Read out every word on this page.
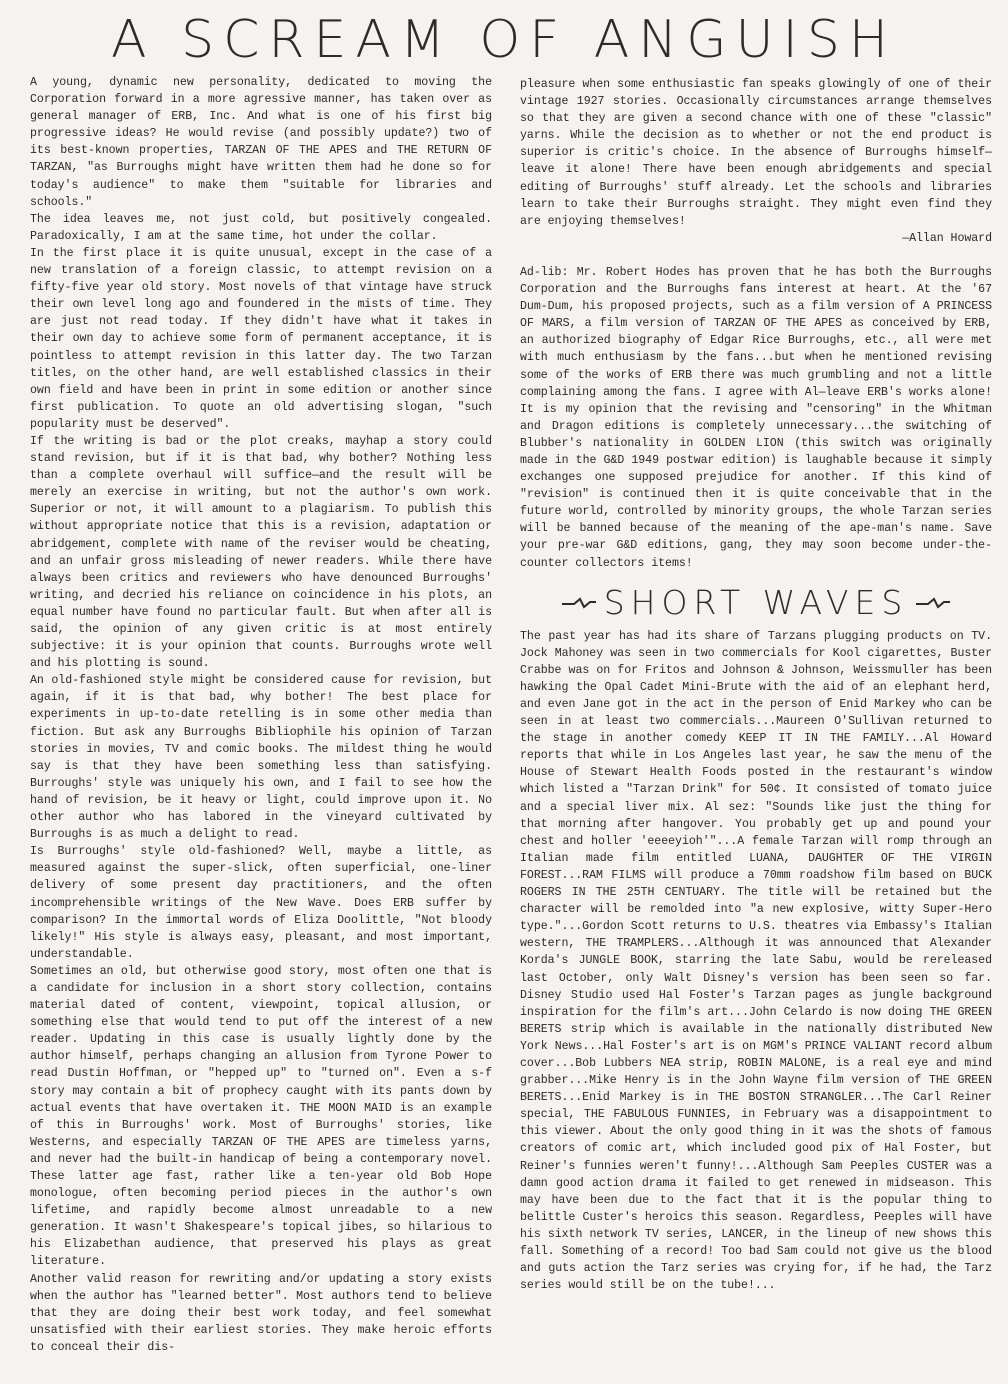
A SCREAM OF ANGUISH

A young, dynamic new personality, dedicated to moving the Corporation forward in a more agressive manner, has taken over as general manager of ERB, Inc. And what is one of his first big progressive ideas? He would revise (and possibly update?) two of its best-known properties, TARZAN OF THE APES and THE RETURN OF TARZAN, "as Burroughs might have written them had he done so for today's audience" to make them "suitable for libraries and schools."

The idea leaves me, not just cold, but positively congealed. Paradoxically, I am at the same time, hot under the collar.

In the first place it is quite unusual, except in the case of a new translation of a foreign classic, to attempt revision on a fifty-five year old story. Most novels of that vintage have struck their own level long ago and foundered in the mists of time. They are just not read today. If they didn't have what it takes in their own day to achieve some form of permanent acceptance, it is pointless to attempt revision in this latter day. The two Tarzan titles, on the other hand, are well established classics in their own field and have been in print in some edition or another since first publication. To quote an old advertising slogan, "such popularity must be deserved".

If the writing is bad or the plot creaks, mayhap a story could stand revision, but if it is that bad, why bother? Nothing less than a complete overhaul will suffice—and the result will be merely an exercise in writing, but not the author's own work. Superior or not, it will amount to a plagiarism. To publish this without appropriate notice that this is a revision, adaptation or abridgement, complete with name of the reviser would be cheating, and an unfair gross misleading of newer readers. While there have always been critics and reviewers who have denounced Burroughs' writing, and decried his reliance on coincidence in his plots, an equal number have found no particular fault. But when after all is said, the opinion of any given critic is at most entirely subjective: it is your opinion that counts. Burroughs wrote well and his plotting is sound.

An old-fashioned style might be considered cause for revision, but again, if it is that bad, why bother! The best place for experiments in up-to-date retelling is in some other media than fiction. But ask any Burroughs Bibliophile his opinion of Tarzan stories in movies, TV and comic books. The mildest thing he would say is that they have been something less than satisfying. Burroughs' style was uniquely his own, and I fail to see how the hand of revision, be it heavy or light, could improve upon it. No other author who has labored in the vineyard cultivated by Burroughs is as much a delight to read.

Is Burroughs' style old-fashioned? Well, maybe a little, as measured against the super-slick, often superficial, one-liner delivery of some present day practitioners, and the often incomprehensible writings of the New Wave. Does ERB suffer by comparison? In the immortal words of Eliza Doolittle, "Not bloody likely!" His style is always easy, pleasant, and most important, understandable.

Sometimes an old, but otherwise good story, most often one that is a candidate for inclusion in a short story collection, contains material dated of content, viewpoint, topical allusion, or something else that would tend to put off the interest of a new reader. Updating in this case is usually lightly done by the author himself, perhaps changing an allusion from Tyrone Power to read Dustin Hoffman, or "hepped up" to "turned on". Even a s-f story may contain a bit of prophecy caught with its pants down by actual events that have overtaken it. THE MOON MAID is an example of this in Burroughs' work. Most of Burroughs' stories, like Westerns, and especially TARZAN OF THE APES are timeless yarns, and never had the built-in handicap of being a contemporary novel. These latter age fast, rather like a ten-year old Bob Hope monologue, often becoming period pieces in the author's own lifetime, and rapidly become almost unreadable to a new generation. It wasn't Shakespeare's topical jibes, so hilarious to his Elizabethan audience, that preserved his plays as great literature.

Another valid reason for rewriting and/or updating a story exists when the author has "learned better". Most authors tend to believe that they are doing their best work today, and feel somewhat unsatisfied with their earliest stories. They make heroic efforts to conceal their dis-

pleasure when some enthusiastic fan speaks glowingly of one of their vintage 1927 stories. Occasionally circumstances arrange themselves so that they are given a second chance with one of these "classic" yarns. While the decision as to whether or not the end product is superior is critic's choice. In the absence of Burroughs himself—leave it alone! There have been enough abridgements and special editing of Burroughs' stuff already. Let the schools and libraries learn to take their Burroughs straight. They might even find they are enjoying themselves!

—Allan Howard

Ad-lib: Mr. Robert Hodes has proven that he has both the Burroughs Corporation and the Burroughs fans interest at heart. At the '67 Dum-Dum, his proposed projects, such as a film version of A PRINCESS OF MARS, a film version of TARZAN OF THE APES as conceived by ERB, an authorized biography of Edgar Rice Burroughs, etc., all were met with much enthusiasm by the fans...but when he mentioned revising some of the works of ERB there was much grumbling and not a little complaining among the fans. I agree with Al—leave ERB's works alone! It is my opinion that the revising and "censoring" in the Whitman and Dragon editions is completely unnecessary...the switching of Blubber's nationality in GOLDEN LION (this switch was originally made in the G&D 1949 postwar edition) is laughable because it simply exchanges one supposed prejudice for another. If this kind of "revision" is continued then it is quite conceivable that in the future world, controlled by minority groups, the whole Tarzan series will be banned because of the meaning of the ape-man's name. Save your pre-war G&D editions, gang, they may soon become under-the-counter collectors items!

SHORT WAVES

The past year has had its share of Tarzans plugging products on TV. Jock Mahoney was seen in two commercials for Kool cigarettes, Buster Crabbe was on for Fritos and Johnson & Johnson, Weissmuller has been hawking the Opal Cadet Mini-Brute with the aid of an elephant herd, and even Jane got in the act in the person of Enid Markey who can be seen in at least two commercials...Maureen O'Sullivan returned to the stage in another comedy KEEP IT IN THE FAMILY...Al Howard reports that while in Los Angeles last year, he saw the menu of the House of Stewart Health Foods posted in the restaurant's window which listed a "Tarzan Drink" for 50¢. It consisted of tomato juice and a special liver mix. Al sez: "Sounds like just the thing for that morning after hangover. You probably get up and pound your chest and holler 'eeeeyioh'"...A female Tarzan will romp through an Italian made film entitled LUANA, DAUGHTER OF THE VIRGIN FOREST...RAM FILMS will produce a 70mm roadshow film based on BUCK ROGERS IN THE 25TH CENTUARY. The title will be retained but the character will be remolded into "a new explosive, witty Super-Hero type."...Gordon Scott returns to U.S. theatres via Embassy's Italian western, THE TRAMPLERS...Although it was announced that Alexander Korda's JUNGLE BOOK, starring the late Sabu, would be rereleased last October, only Walt Disney's version has been seen so far. Disney Studio used Hal Foster's Tarzan pages as jungle background inspiration for the film's art...John Celardo is now doing THE GREEN BERETS strip which is available in the nationally distributed New York News...Hal Foster's art is on MGM's PRINCE VALIANT record album cover...Bob Lubbers NEA strip, ROBIN MALONE, is a real eye and mind grabber...Mike Henry is in the John Wayne film version of THE GREEN BERETS...Enid Markey is in THE BOSTON STRANGLER...The Carl Reiner special, THE FABULOUS FUNNIES, in February was a disappointment to this viewer. About the only good thing in it was the shots of famous creators of comic art, which included good pix of Hal Foster, but Reiner's funnies weren't funny!...Although Sam Peeples CUSTER was a damn good action drama it failed to get renewed in midseason. This may have been due to the fact that it is the popular thing to belittle Custer's heroics this season. Regardless, Peeples will have his sixth network TV series, LANCER, in the lineup of new shows this fall. Something of a record! Too bad Sam could not give us the blood and guts action the Tarz series was crying for, if he had, the Tarz series would still be on the tube!...
